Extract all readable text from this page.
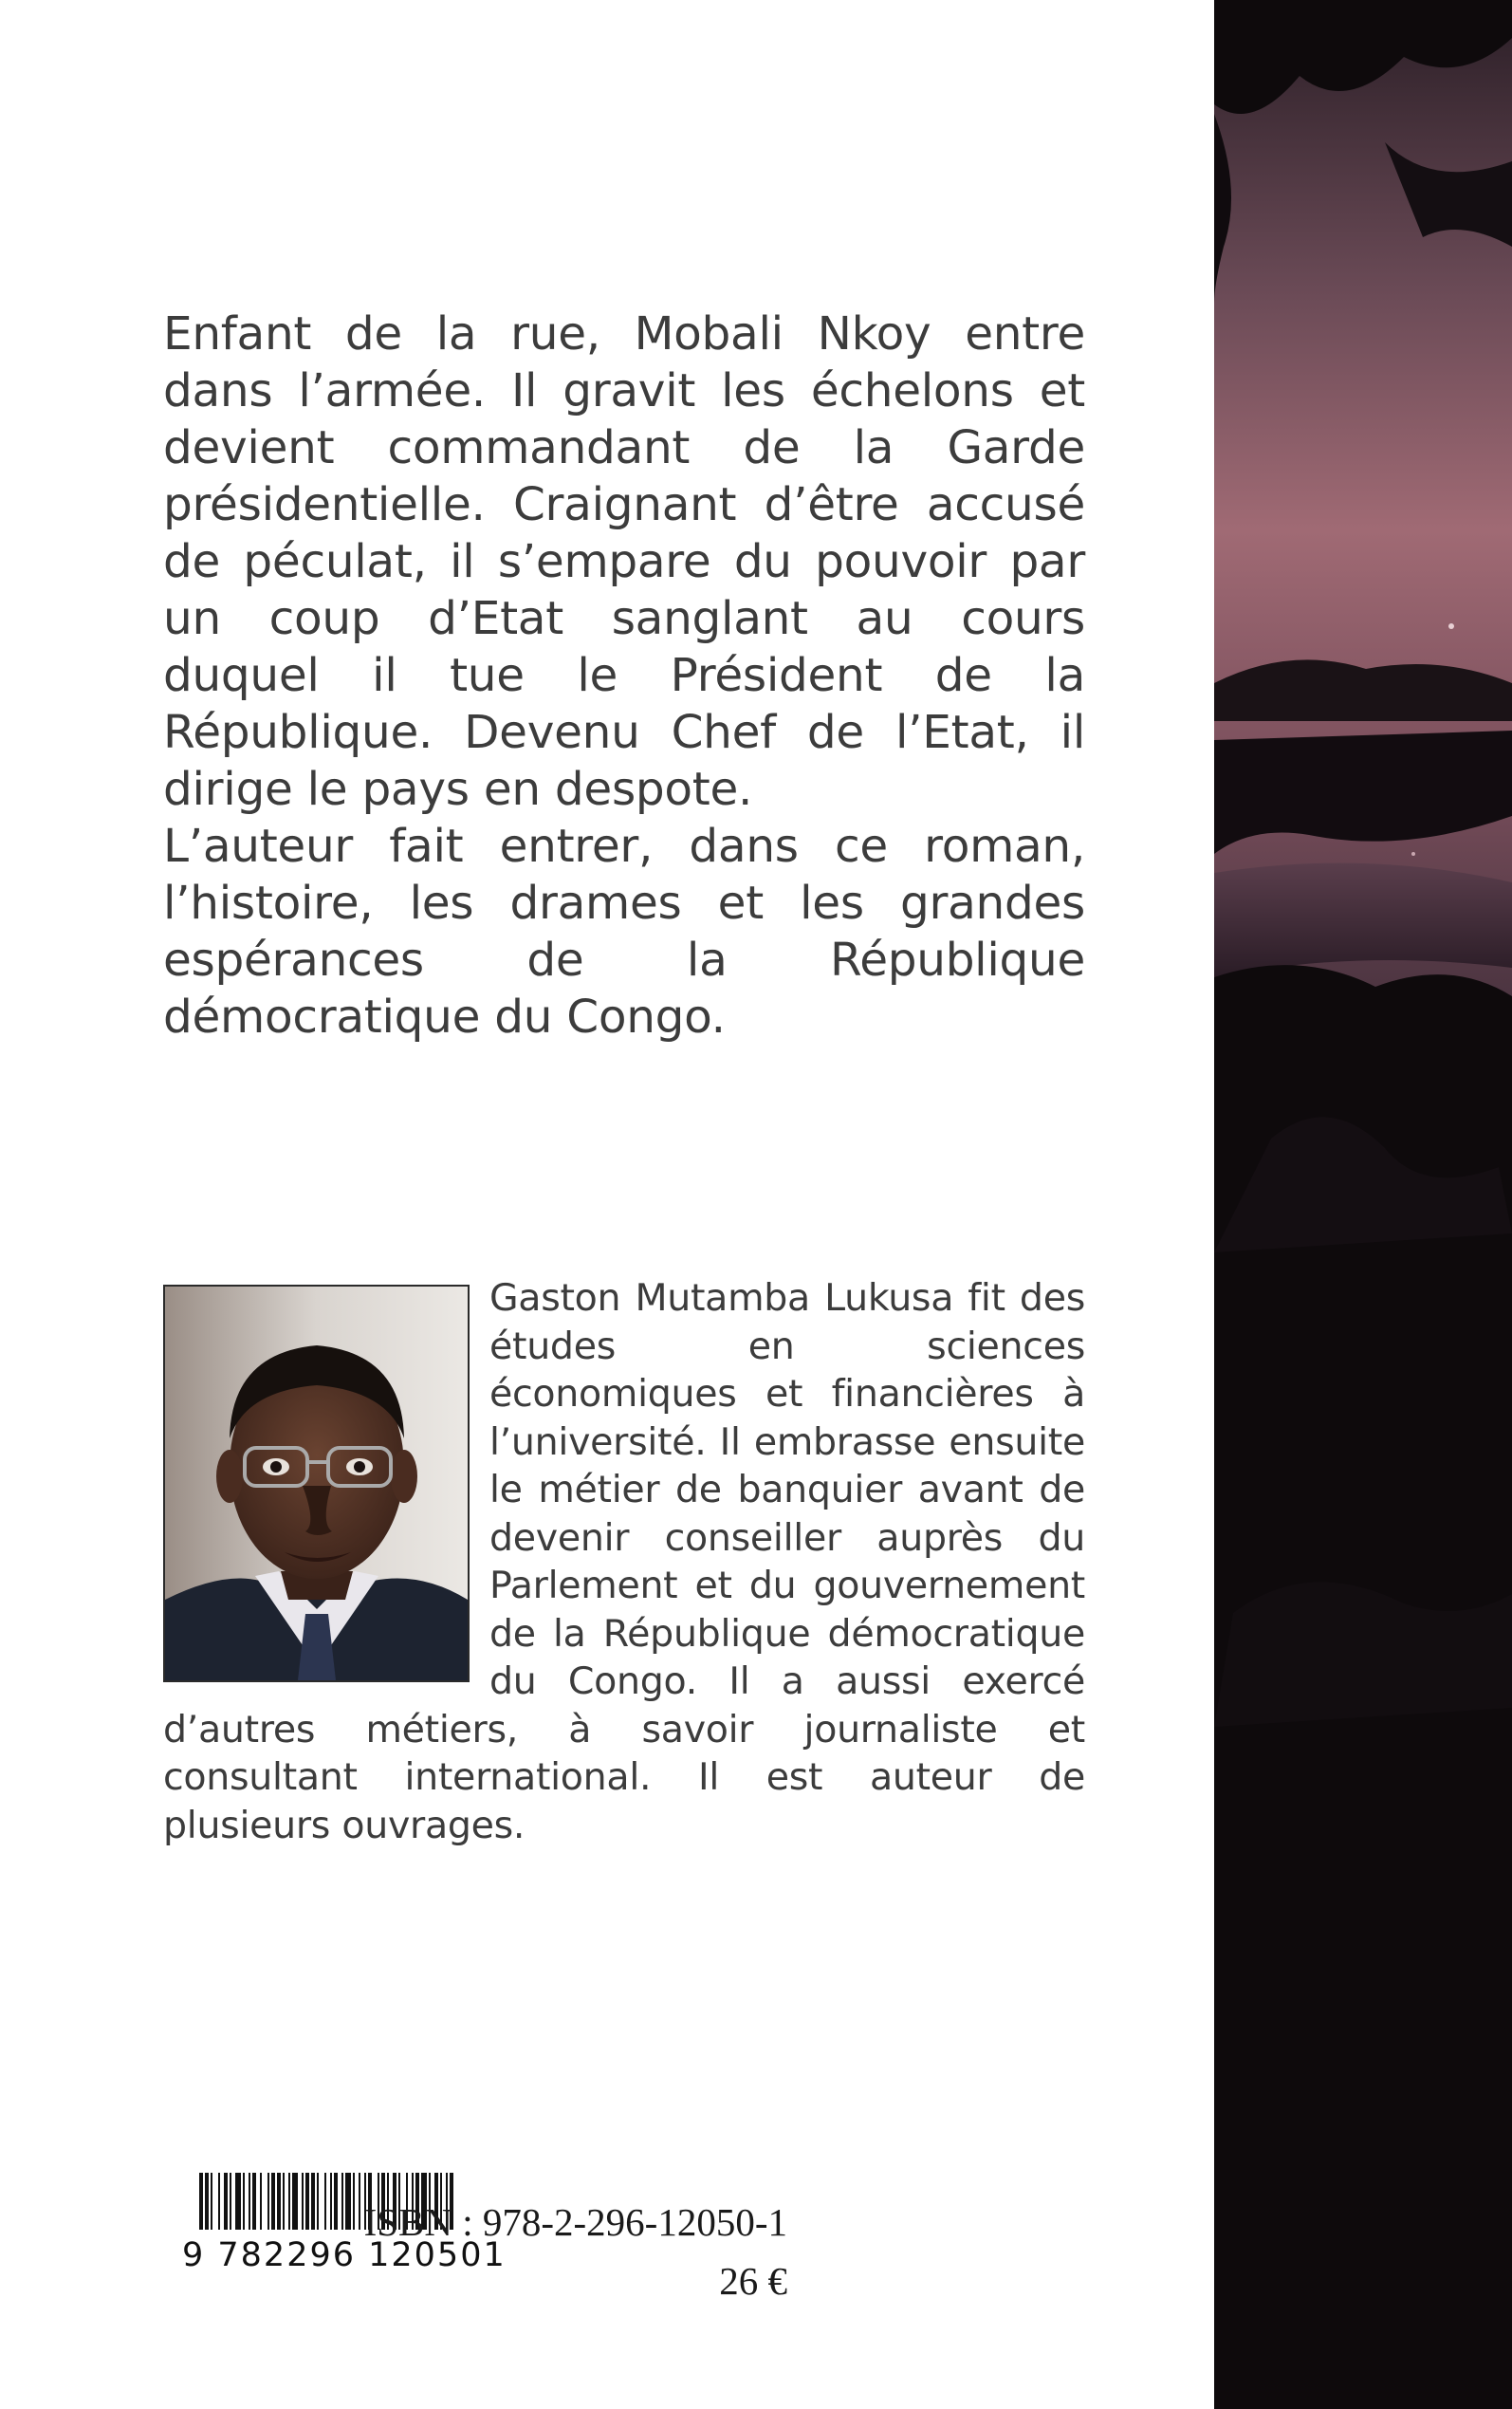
Enfant de la rue, Mobali Nkoy entre dans l’armée. Il gravit les échelons et devient commandant de la Garde présidentielle. Craignant d’être accusé de péculat, il s’empare du pouvoir par un coup d’Etat sanglant au cours duquel il tue le Président de la République. Devenu Chef de l’Etat, il dirige le pays en despote.

L’auteur fait entrer, dans ce roman, l’histoire, les drames et les grandes espérances de la République démocratique du Congo.

Gaston Mutamba Lukusa fit des études en sciences économiques et financières à l’université. Il embrasse ensuite le métier de banquier avant de devenir conseiller auprès du Parlement et du gouvernement de la République démocratique du Congo. Il a aussi exercé d’autres métiers, à savoir journaliste et consultant international. Il est auteur de plusieurs ouvrages.

9 782296 120501
ISBN : 978-2-296-12050-1
26 €
